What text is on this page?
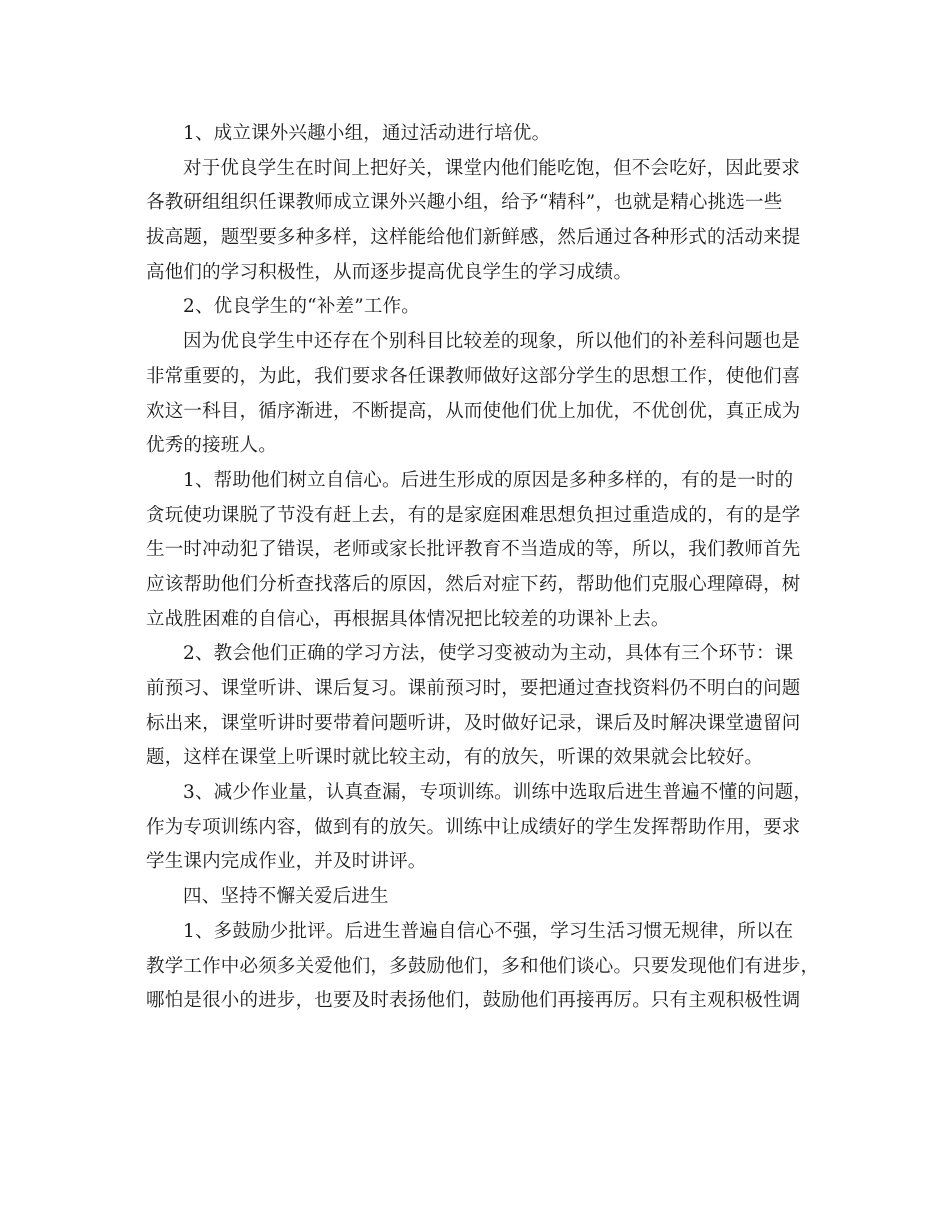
1、成立课外兴趣小组，通过活动进行培优。
对于优良学生在时间上把好关，课堂内他们能吃饱，但不会吃好，因此要求
各教研组组织任课教师成立课外兴趣小组，给予“精科”，也就是精心挑选一些
拔高题，题型要多种多样，这样能给他们新鲜感，然后通过各种形式的活动来提
高他们的学习积极性，从而逐步提高优良学生的学习成绩。
2、优良学生的“补差”工作。
因为优良学生中还存在个别科目比较差的现象，所以他们的补差科问题也是
非常重要的，为此，我们要求各任课教师做好这部分学生的思想工作，使他们喜
欢这一科目，循序渐进，不断提高，从而使他们优上加优，不优创优，真正成为
优秀的接班人。
1、帮助他们树立自信心。后进生形成的原因是多种多样的，有的是一时的
贪玩使功课脱了节没有赶上去，有的是家庭困难思想负担过重造成的，有的是学
生一时冲动犯了错误，老师或家长批评教育不当造成的等，所以，我们教师首先
应该帮助他们分析查找落后的原因，然后对症下药，帮助他们克服心理障碍，树
立战胜困难的自信心，再根据具体情况把比较差的功课补上去。
2、教会他们正确的学习方法，使学习变被动为主动，具体有三个环节：课
前预习、课堂听讲、课后复习。课前预习时，要把通过查找资料仍不明白的问题
标出来，课堂听讲时要带着问题听讲，及时做好记录，课后及时解决课堂遗留问
题，这样在课堂上听课时就比较主动，有的放矢，听课的效果就会比较好。
3、减少作业量，认真查漏，专项训练。训练中选取后进生普遍不懂的问题，
作为专项训练内容，做到有的放矢。训练中让成绩好的学生发挥帮助作用，要求
学生课内完成作业，并及时讲评。
四、坚持不懈关爱后进生
1、多鼓励少批评。后进生普遍自信心不强，学习生活习惯无规律，所以在
教学工作中必须多关爱他们，多鼓励他们，多和他们谈心。只要发现他们有进步，
哪怕是很小的进步，也要及时表扬他们，鼓励他们再接再厉。只有主观积极性调
